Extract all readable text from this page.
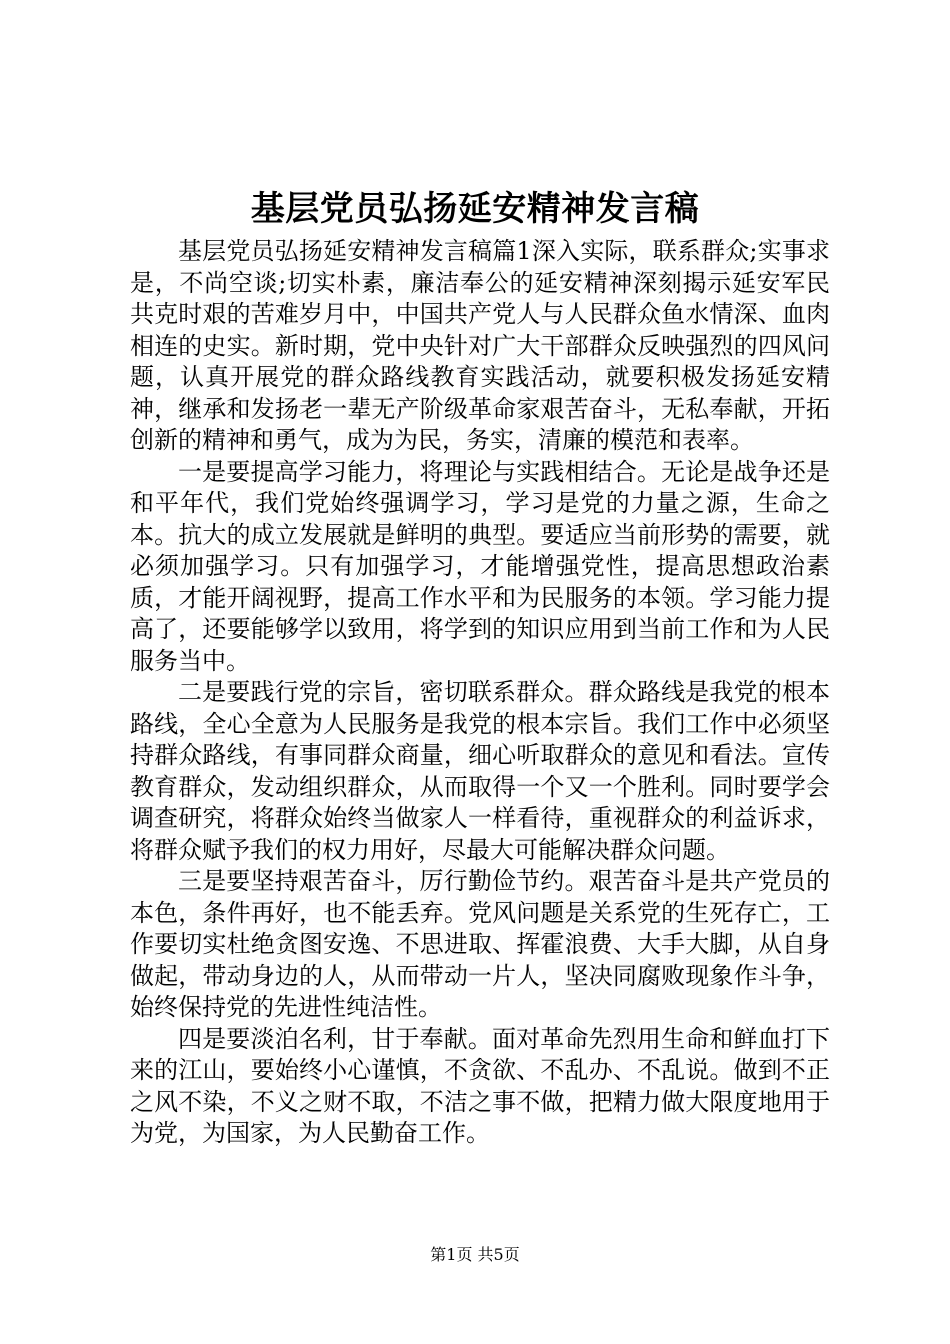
基层党员弘扬延安精神发言稿

基层党员弘扬延安精神发言稿篇1深入实际，联系群众;实事求是，不尚空谈;切实朴素，廉洁奉公的延安精神深刻揭示延安军民共克时艰的苦难岁月中，中国共产党人与人民群众鱼水情深、血肉相连的史实。新时期，党中央针对广大干部群众反映强烈的四风问题，认真开展党的群众路线教育实践活动，就要积极发扬延安精神，继承和发扬老一辈无产阶级革命家艰苦奋斗，无私奉献，开拓创新的精神和勇气，成为为民，务实，清廉的模范和表率。

一是要提高学习能力，将理论与实践相结合。无论是战争还是和平年代，我们党始终强调学习，学习是党的力量之源，生命之本。抗大的成立发展就是鲜明的典型。要适应当前形势的需要，就必须加强学习。只有加强学习，才能增强党性，提高思想政治素质，才能开阔视野，提高工作水平和为民服务的本领。学习能力提高了，还要能够学以致用，将学到的知识应用到当前工作和为人民服务当中。

二是要践行党的宗旨，密切联系群众。群众路线是我党的根本路线，全心全意为人民服务是我党的根本宗旨。我们工作中必须坚持群众路线，有事同群众商量，细心听取群众的意见和看法。宣传教育群众，发动组织群众，从而取得一个又一个胜利。同时要学会调查研究，将群众始终当做家人一样看待，重视群众的利益诉求，将群众赋予我们的权力用好，尽最大可能解决群众问题。

三是要坚持艰苦奋斗，厉行勤俭节约。艰苦奋斗是共产党员的本色，条件再好，也不能丢弃。党风问题是关系党的生死存亡，工作要切实杜绝贪图安逸、不思进取、挥霍浪费、大手大脚，从自身做起，带动身边的人，从而带动一片人，坚决同腐败现象作斗争，始终保持党的先进性纯洁性。

四是要淡泊名利，甘于奉献。面对革命先烈用生命和鲜血打下来的江山，要始终小心谨慎，不贪欲、不乱办、不乱说。做到不正之风不染，不义之财不取，不洁之事不做，把精力做大限度地用于为党，为国家，为人民勤奋工作。

第1页 共5页
